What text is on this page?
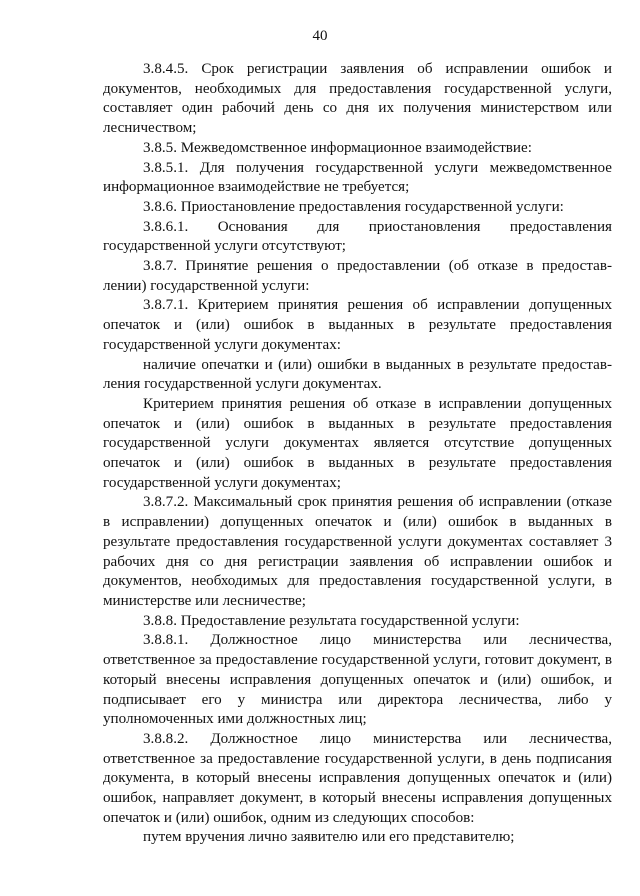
40

3.8.4.5. Срок регистрации заявления об исправлении ошибок и документов, необходимых для предоставления государственной услуги, составляет один рабочий день со дня их получения министерством или лесничеством;

3.8.5. Межведомственное информационное взаимодействие:

3.8.5.1. Для получения государственной услуги межведомственное информационное взаимодействие не требуется;

3.8.6. Приостановление предоставления государственной услуги:

3.8.6.1. Основания для приостановления предоставления государственной услуги отсутствуют;

3.8.7. Принятие решения о предоставлении (об отказе в предоставлении) государственной услуги:

3.8.7.1. Критерием принятия решения об исправлении допущенных опечаток и (или) ошибок в выданных в результате предоставления государственной услуги документах:

наличие опечатки и (или) ошибки в выданных в результате предоставления государственной услуги документах.

Критерием принятия решения об отказе в исправлении допущенных опечаток и (или) ошибок в выданных в результате предоставления государственной услуги документах является отсутствие допущенных опечаток и (или) ошибок в выданных в результате предоставления государственной услуги документах;

3.8.7.2. Максимальный срок принятия решения об исправлении (отказе в исправлении) допущенных опечаток и (или) ошибок в выданных в результате предоставления государственной услуги документах составляет 3 рабочих дня со дня регистрации заявления об исправлении ошибок и документов, необходимых для предоставления государственной услуги, в министерстве или лесничестве;

3.8.8. Предоставление результата государственной услуги:

3.8.8.1. Должностное лицо министерства или лесничества, ответственное за предоставление государственной услуги, готовит документ, в который внесены исправления допущенных опечаток и (или) ошибок, и подписывает его у министра или директора лесничества, либо у уполномоченных ими должностных лиц;

3.8.8.2. Должностное лицо министерства или лесничества, ответственное за предоставление государственной услуги, в день подписания документа, в который внесены исправления допущенных опечаток и (или) ошибок, направляет документ, в который внесены исправления допущенных опечаток и (или) ошибок, одним из следующих способов:

путем вручения лично заявителю или его представителю;
